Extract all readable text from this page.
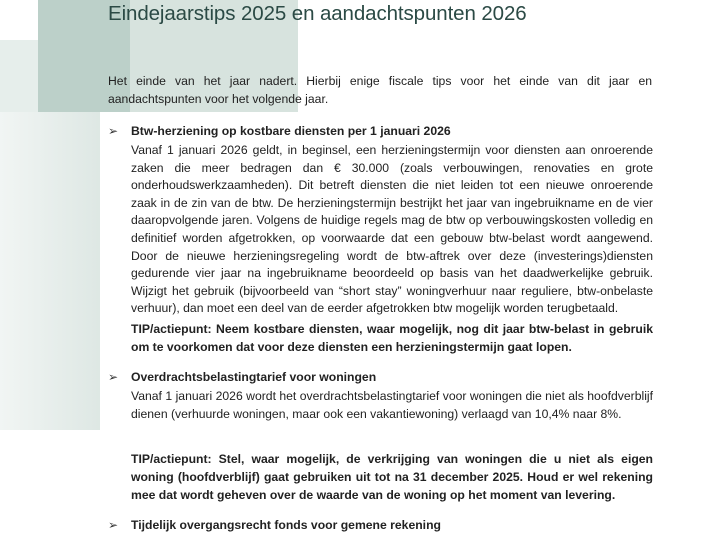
Eindejaarstips 2025 en aandachtspunten 2026

Het einde van het jaar nadert. Hierbij enige fiscale tips voor het einde van dit jaar en aandachtspunten voor het volgende jaar.

➢ Btw-herziening op kostbare diensten per 1 januari 2026

Vanaf 1 januari 2026 geldt, in beginsel, een herzieningstermijn voor diensten aan onroerende zaken die meer bedragen dan € 30.000 (zoals verbouwingen, renovaties en grote onderhoudswerkzaamheden). Dit betreft diensten die niet leiden tot een nieuwe onroerende zaak in de zin van de btw. De herzieningstermijn bestrijkt het jaar van ingebruikname en de vier daaropvolgende jaren. Volgens de huidige regels mag de btw op verbouwingskosten volledig en definitief worden afgetrokken, op voorwaarde dat een gebouw btw-belast wordt aangewend. Door de nieuwe herzieningsregeling wordt de btw-aftrek over deze (investerings)diensten gedurende vier jaar na ingebruikname beoordeeld op basis van het daadwerkelijke gebruik. Wijzigt het gebruik (bijvoorbeeld van “short stay” woningverhuur naar reguliere, btw-onbelaste verhuur), dan moet een deel van de eerder afgetrokken btw mogelijk worden terugbetaald.

TIP/actiepunt: Neem kostbare diensten, waar mogelijk, nog dit jaar btw-belast in gebruik om te voorkomen dat voor deze diensten een herzieningstermijn gaat lopen.

➢ Overdrachtsbelastingtarief voor woningen

Vanaf 1 januari 2026 wordt het overdrachtsbelastingtarief voor woningen die niet als hoofdverblijf dienen (verhuurde woningen, maar ook een vakantiewoning) verlaagd van 10,4% naar 8%.

TIP/actiepunt: Stel, waar mogelijk, de verkrijging van woningen die u niet als eigen woning (hoofdverblijf) gaat gebruiken uit tot na 31 december 2025. Houd er wel rekening mee dat wordt geheven over de waarde van de woning op het moment van levering.

➢ Tijdelijk overgangsrecht fonds voor gemene rekening
